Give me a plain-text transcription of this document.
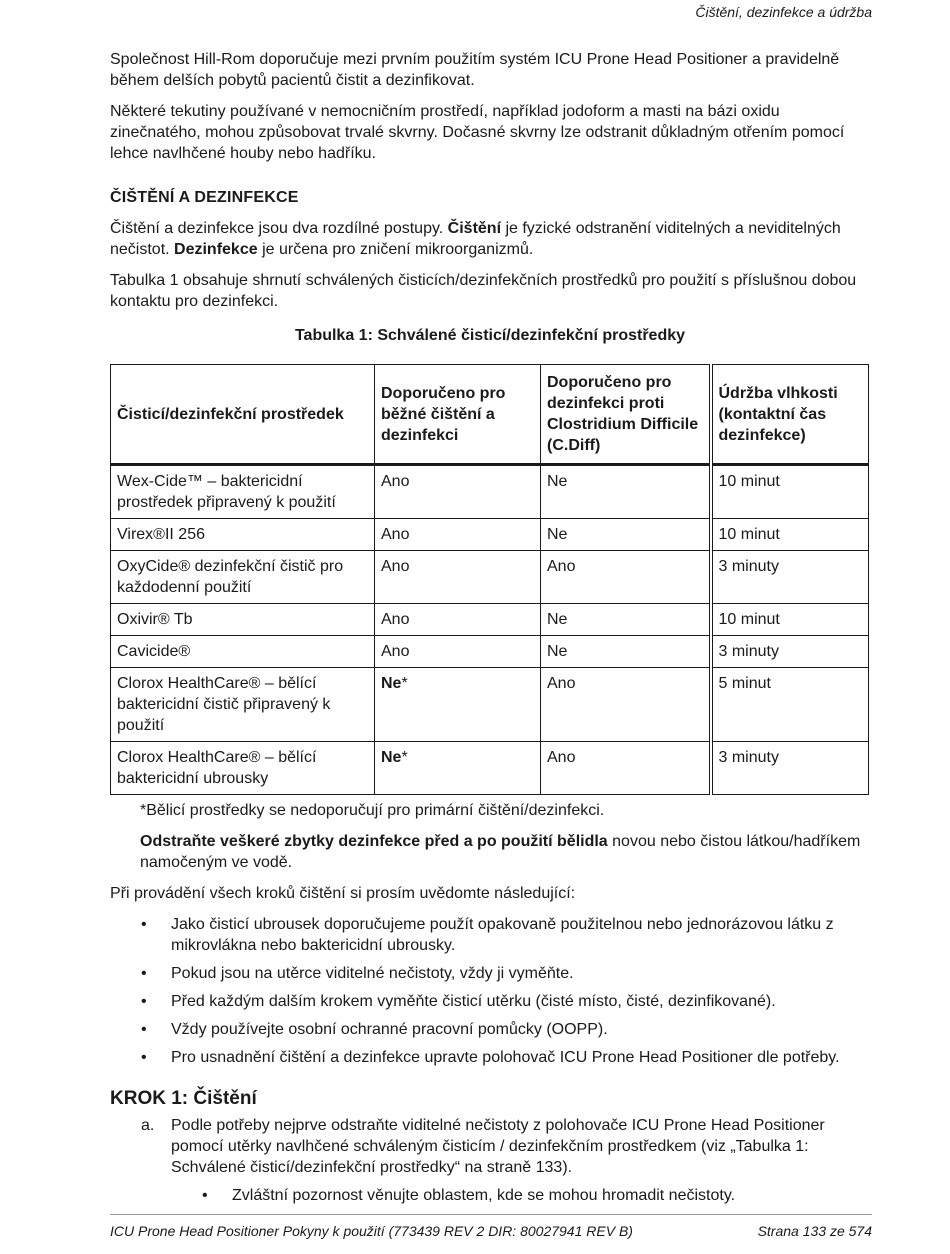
Čištění, dezinfekce a údržba

Společnost Hill-Rom doporučuje mezi prvním použitím systém ICU Prone Head Positioner a pravidelně během delších pobytů pacientů čistit a dezinfikovat.

Některé tekutiny používané v nemocničním prostředí, například jodoform a masti na bázi oxidu zinečnatého, mohou způsobovat trvalé skvrny. Dočasné skvrny lze odstranit důkladným otřením pomocí lehce navlhčené houby nebo hadříku.

ČIŠTĚNÍ A DEZINFEKCE

Čištění a dezinfekce jsou dva rozdílné postupy. Čištění je fyzické odstranění viditelných a neviditelných nečistot. Dezinfekce je určena pro zničení mikroorganizmů.

Tabulka 1 obsahuje shrnutí schválených čisticích/dezinfekčních prostředků pro použití s příslušnou dobou kontaktu pro dezinfekci.

Tabulka 1: Schválené čisticí/dezinfekční prostředky
Čisticí/dezinfekční prostředek	Doporučeno pro běžné čištění a dezinfekci	Doporučeno pro dezinfekci proti Clostridium Difficile (C.Diff)	Údržba vlhkosti (kontaktní čas dezinfekce)
Wex-Cide™ – baktericidní prostředek připravený k použití	Ano	Ne	10 minut
Virex®II 256	Ano	Ne	10 minut
OxyCide® dezinfekční čistič pro každodenní použití	Ano	Ano	3 minuty
Oxivir® Tb	Ano	Ne	10 minut
Cavicide®	Ano	Ne	3 minuty
Clorox HealthCare® – bělící baktericidní čistič připravený k použití	Ne*	Ano	5 minut
Clorox HealthCare® – bělící baktericidní ubrousky	Ne*	Ano	3 minuty
*Bělicí prostředky se nedoporučují pro primární čištění/dezinfekci.
Odstraňte veškeré zbytky dezinfekce před a po použití bělidla novou nebo čistou látkou/hadříkem namočeným ve vodě.

Při provádění všech kroků čištění si prosím uvědomte následující:

• Jako čisticí ubrousek doporučujeme použít opakovaně použitelnou nebo jednorázovou látku z mikrovlákna nebo baktericidní ubrousky.
• Pokud jsou na utěrce viditelné nečistoty, vždy ji vyměňte.
• Před každým dalším krokem vyměňte čisticí utěrku (čisté místo, čisté, dezinfikované).
• Vždy používejte osobní ochranné pracovní pomůcky (OOPP).
• Pro usnadnění čištění a dezinfekce upravte polohovač ICU Prone Head Positioner dle potřeby.
KROK 1: Čištění
a. Podle potřeby nejprve odstraňte viditelné nečistoty z polohovače ICU Prone Head Positioner pomocí utěrky navlhčené schváleným čisticím / dezinfekčním prostředkem (viz „Tabulka 1: Schválené čisticí/dezinfekční prostředky“ na straně 133).
• Zvláštní pozornost věnujte oblastem, kde se mohou hromadit nečistoty.
ICU Prone Head Positioner Pokyny k použití (773439 REV 2 DIR: 80027941 REV B)	Strana 133 ze 574
